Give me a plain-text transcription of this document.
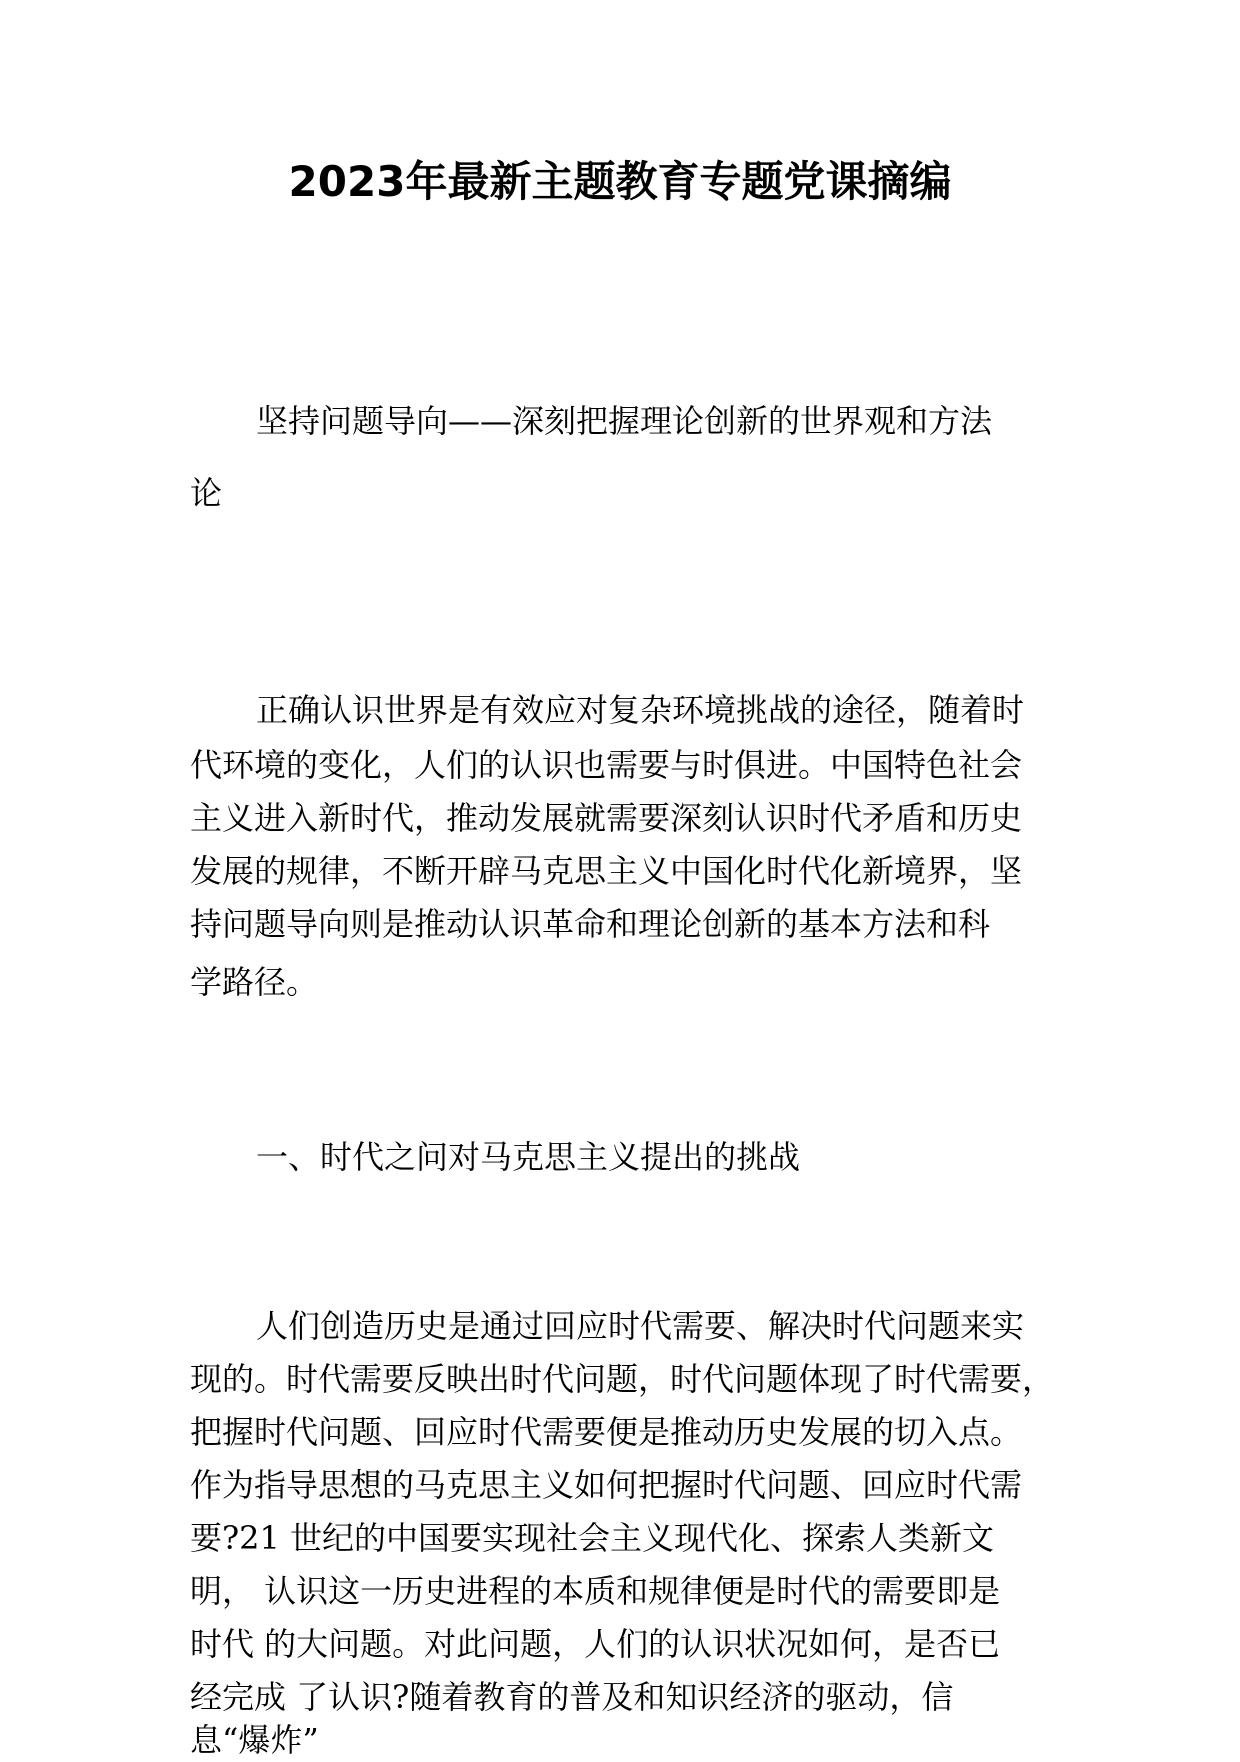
2023年最新主题教育专题党课摘编

坚持问题导向——深刻把握理论创新的世界观和方法

论

正确认识世界是有效应对复杂环境挑战的途径，随着时

代环境的变化，人们的认识也需要与时俱进。中国特色社会

主义进入新时代，推动发展就需要深刻认识时代矛盾和历史

发展的规律，不断开辟马克思主义中国化时代化新境界，坚

持问题导向则是推动认识革命和理论创新的基本方法和科

学路径。

一、时代之问对马克思主义提出的挑战

人们创造历史是通过回应时代需要、解决时代问题来实

现的。时代需要反映出时代问题，时代问题体现了时代需要，

把握时代问题、回应时代需要便是推动历史发展的切入点。

作为指导思想的马克思主义如何把握时代问题、回应时代需

要?21 世纪的中国要实现社会主义现代化、探索人类新文

明， 认识这一历史进程的本质和规律便是时代的需要即是

时代 的大问题。对此问题，人们的认识状况如何，是否已

经完成 了认识?随着教育的普及和知识经济的驱动，信

息“爆炸”
